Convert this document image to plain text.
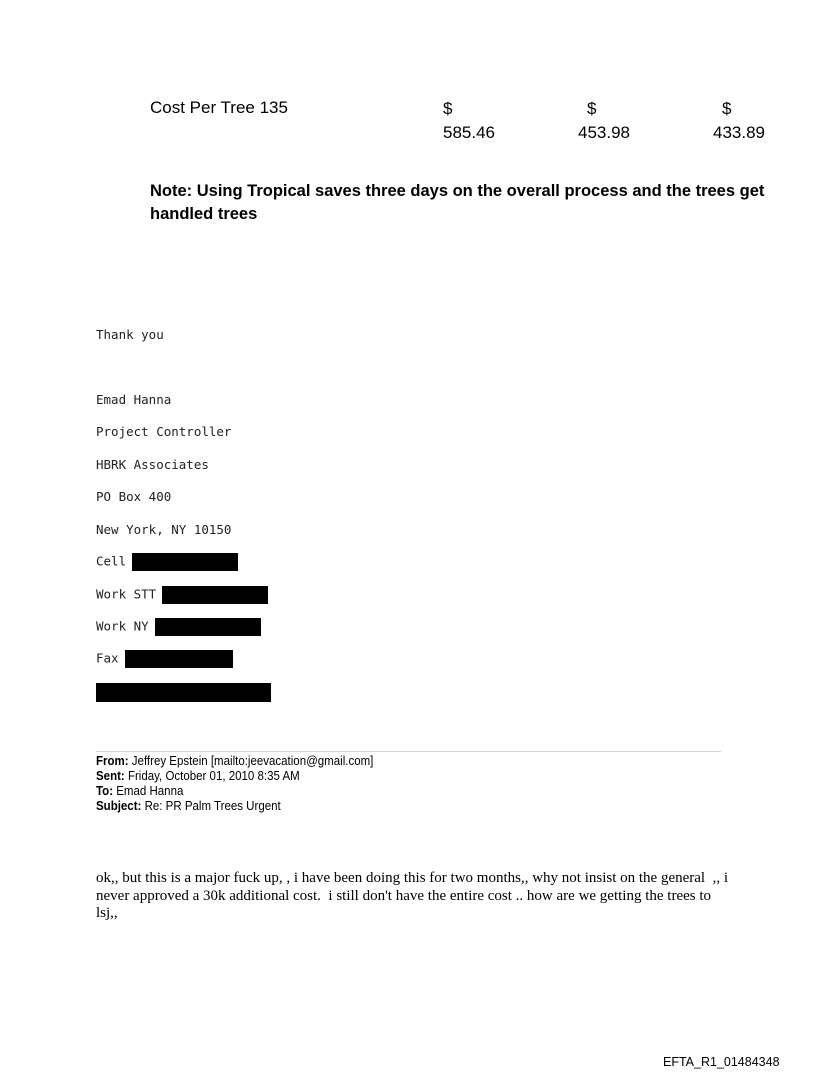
Cost Per Tree 135	$
585.46
$
453.98
$
433.89
Note: Using Tropical saves three days on the overall process and the trees get handled trees
Thank you
Emad Hanna
Project Controller
HBRK Associates
PO Box 400
New York, NY 10150
Cell
Work STT
Work NY
Fax
From: Jeffrey Epstein [mailto:jeevacation@gmail.com]
Sent: Friday, October 01, 2010 8:35 AM
To: Emad Hanna
Subject: Re: PR Palm Trees Urgent
ok,, but this is a major fuck up, , i have been doing this for two months,, why not insist on the general  ,, i never approved a 30k additional cost.  i still don't have the entire cost .. how are we getting the trees to lsj,,
EFTA_R1_01484348
